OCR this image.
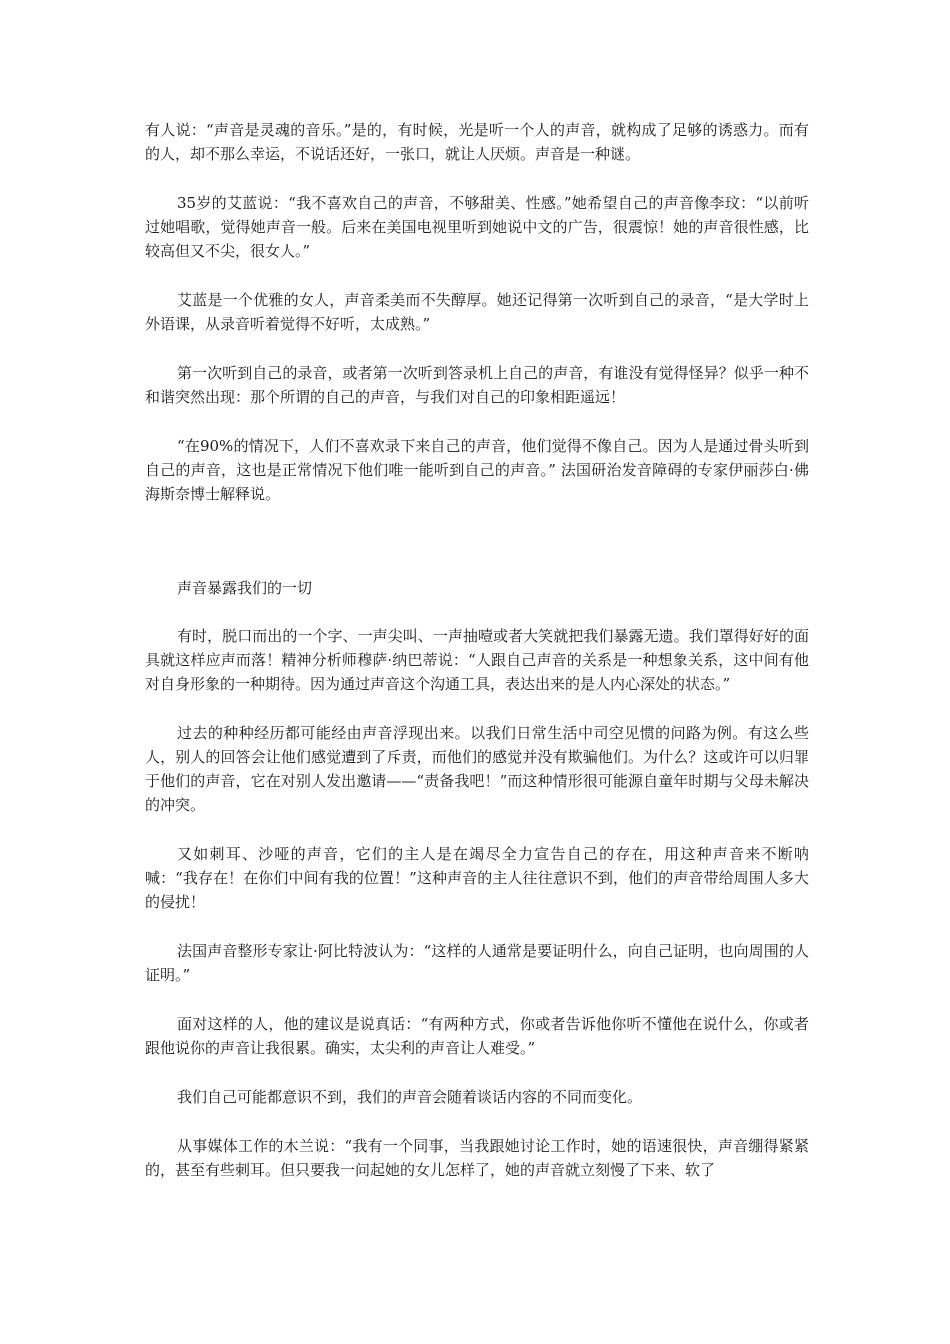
有人说：“声音是灵魂的音乐。”是的，有时候，光是听一个人的声音，就构成了足够的诱惑力。而有的人，却不那么幸运，不说话还好，一张口，就让人厌烦。声音是一种谜。

35岁的艾蓝说：“我不喜欢自己的声音，不够甜美、性感。”她希望自己的声音像李玟：“以前听过她唱歌，觉得她声音一般。后来在美国电视里听到她说中文的广告，很震惊！她的声音很性感，比较高但又不尖，很女人。”

艾蓝是一个优雅的女人，声音柔美而不失醇厚。她还记得第一次听到自己的录音，“是大学时上外语课，从录音听着觉得不好听，太成熟。”

第一次听到自己的录音，或者第一次听到答录机上自己的声音，有谁没有觉得怪异？似乎一种不和谐突然出现：那个所谓的自己的声音，与我们对自己的印象相距遥远！

“在90%的情况下，人们不喜欢录下来自己的声音，他们觉得不像自己。因为人是通过骨头听到自己的声音，这也是正常情况下他们唯一能听到自己的声音。” 法国研治发音障碍的专家伊丽莎白·佛海斯奈博士解释说。

声音暴露我们的一切

有时，脱口而出的一个字、一声尖叫、一声抽噎或者大笑就把我们暴露无遗。我们罩得好好的面具就这样应声而落！精神分析师穆萨·纳巴蒂说：“人跟自己声音的关系是一种想象关系，这中间有他对自身形象的一种期待。因为通过声音这个沟通工具，表达出来的是人内心深处的状态。”

过去的种种经历都可能经由声音浮现出来。以我们日常生活中司空见惯的问路为例。有这么些人，别人的回答会让他们感觉遭到了斥责，而他们的感觉并没有欺骗他们。为什么？这或许可以归罪于他们的声音，它在对别人发出邀请——“责备我吧！”而这种情形很可能源自童年时期与父母未解决的冲突。

又如刺耳、沙哑的声音，它们的主人是在竭尽全力宣告自己的存在，用这种声音来不断呐喊：“我存在！在你们中间有我的位置！”这种声音的主人往往意识不到，他们的声音带给周围人多大的侵扰！

法国声音整形专家让·阿比特波认为：“这样的人通常是要证明什么，向自己证明，也向周围的人证明。”

面对这样的人，他的建议是说真话：“有两种方式，你或者告诉他你听不懂他在说什么，你或者跟他说你的声音让我很累。确实，太尖利的声音让人难受。”

我们自己可能都意识不到，我们的声音会随着谈话内容的不同而变化。

从事媒体工作的木兰说：“我有一个同事，当我跟她讨论工作时，她的语速很快，声音绷得紧紧的，甚至有些刺耳。但只要我一问起她的女儿怎样了，她的声音就立刻慢了下来、软了
